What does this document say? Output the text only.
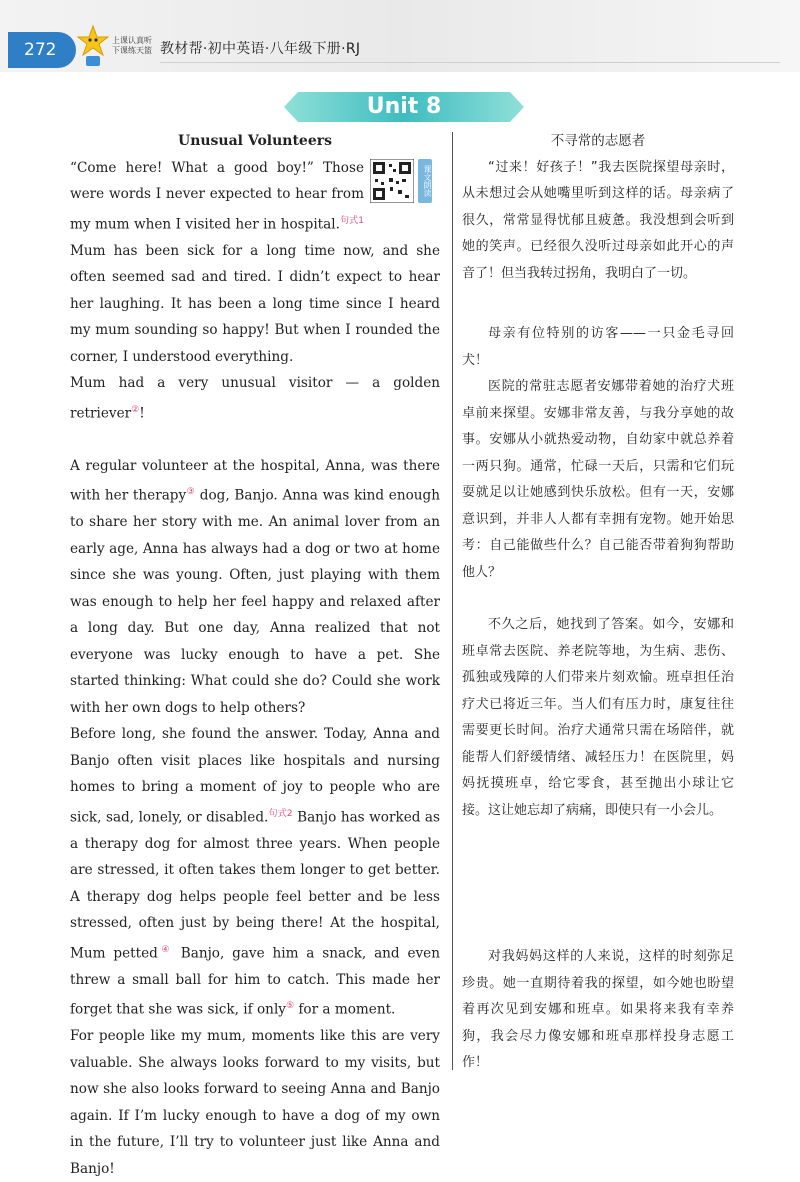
272	上课认真听 下课练天篮 教材帮·初中英语·八年级下册·RJ
Unit 8
Unusual Volunteers

课文朗读
“Come here! What a good boy!” Those were words I never expected to hear from my mum when I visited her in hospital.$^{句式1}$ Mum has been sick for a long time now, and she often seemed sad and tired. I didn’t expect to hear her laughing. It has been a long time since I heard my mum sounding so happy! But when I rounded the corner, I understood everything.

Mum had a very unusual visitor — a golden retriever②!

A regular volunteer at the hospital, Anna, was there with her therapy③ dog, Banjo. Anna was kind enough to share her story with me. An animal lover from an early age, Anna has always had a dog or two at home since she was young. Often, just playing with them was enough to help her feel happy and relaxed after a long day. But one day, Anna realized that not everyone was lucky enough to have a pet. She started thinking: What could she do? Could she work with her own dogs to help others?

Before long, she found the answer. Today, Anna and Banjo often visit places like hospitals and nursing homes to bring a moment of joy to people who are sick, sad, lonely, or disabled.$^{句式2}$ Banjo has worked as a therapy dog for almost three years. When people are stressed, it often takes them longer to get better. A therapy dog helps people feel better and be less stressed, often just by being there! At the hospital, Mum petted④ Banjo, gave him a snack, and even threw a small ball for him to catch. This made her forget that she was sick, if only⑤ for a moment.

For people like my mum, moments like this are very valuable. She always looks forward to my visits, but now she also looks forward to seeing Anna and Banjo again. If I’m lucky enough to have a dog of my own in the future, I’ll try to volunteer just like Anna and Banjo!

不寻常的志愿者

“过来！好孩子！”我去医院探望母亲时，从未想过会从她嘴里听到这样的话。母亲病了很久，常常显得忧郁且疲惫。我没想到会听到她的笑声。已经很久没听过母亲如此开心的声音了！但当我转过拐角，我明白了一切。

母亲有位特别的访客——一只金毛寻回犬！

医院的常驻志愿者安娜带着她的治疗犬班卓前来探望。安娜非常友善，与我分享她的故事。安娜从小就热爱动物，自幼家中就总养着一两只狗。通常，忙碌一天后，只需和它们玩耍就足以让她感到快乐放松。但有一天，安娜意识到，并非人人都有幸拥有宠物。她开始思考：自己能做些什么？自己能否带着狗狗帮助他人？

不久之后，她找到了答案。如今，安娜和班卓常去医院、养老院等地，为生病、悲伤、孤独或残障的人们带来片刻欢愉。班卓担任治疗犬已将近三年。当人们有压力时，康复往往需要更长时间。治疗犬通常只需在场陪伴，就能帮人们舒缓情绪、减轻压力！在医院里，妈妈抚摸班卓，给它零食，甚至抛出小球让它接。这让她忘却了病痛，即使只有一小会儿。

对我妈妈这样的人来说，这样的时刻弥足珍贵。她一直期待着我的探望，如今她也盼望着再次见到安娜和班卓。如果将来我有幸养狗，我会尽力像安娜和班卓那样投身志愿工作！
